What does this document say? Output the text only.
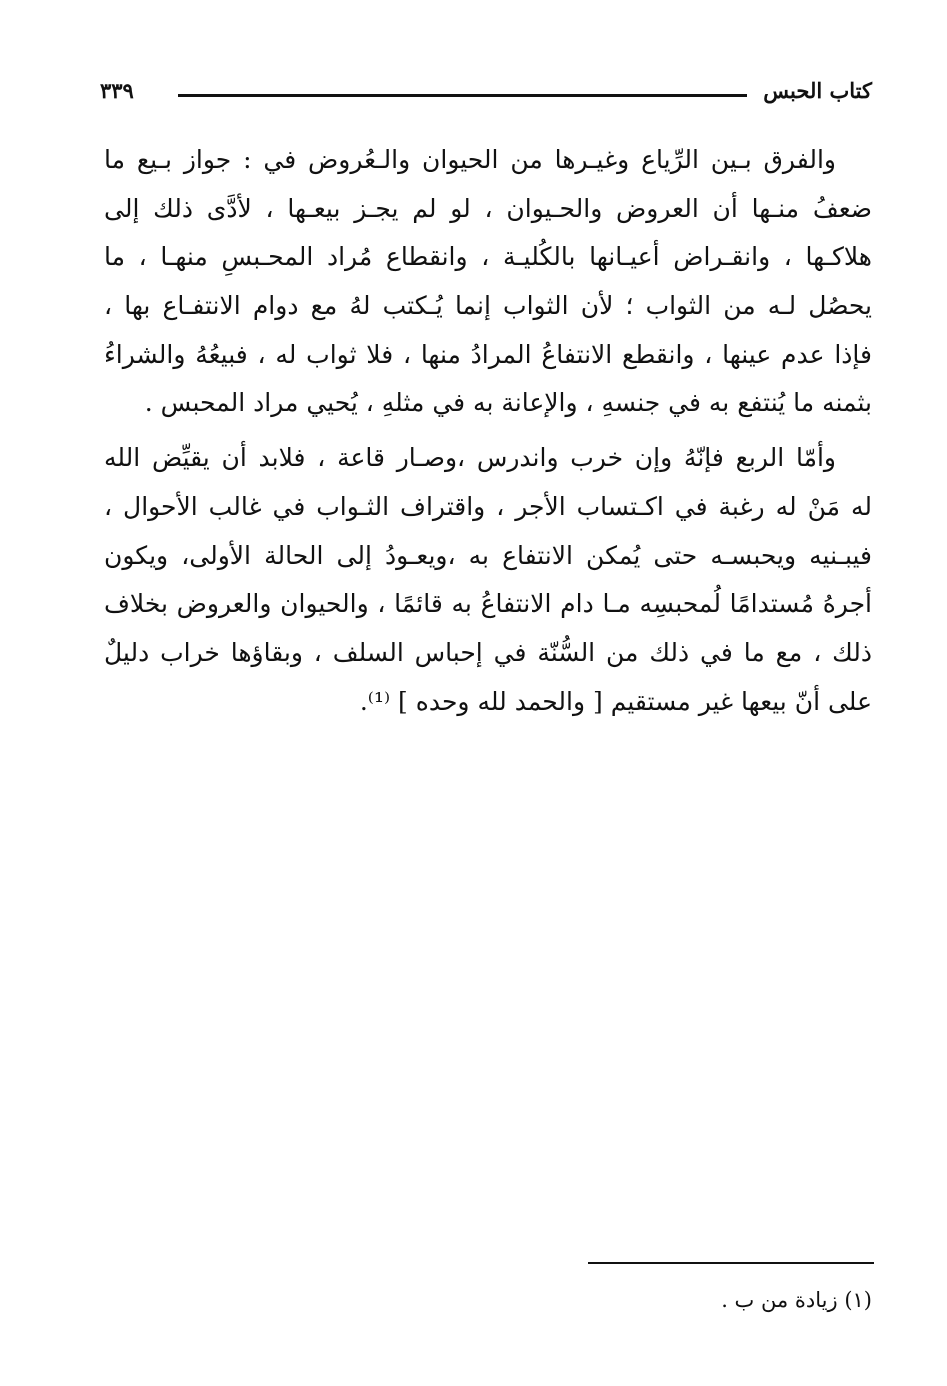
كتاب الحبس
٣٣٩
والفرق بـين الرِّياع وغيـرها من الحيوان والـعُروض في : جواز بـيع ما
ضعفُ منـها أن العروض والحـيوان ، لو لم يجـز بيعـها ، لأدَّى ذلك إلى
هلاكـها ، وانقـراض أعيـانها بالكُليـة ، وانقطاع مُراد المحـبسِ منهـا ، ما
يحصُل لـه من الثواب ؛ لأن الثواب إنما يُـكتب لهُ مع دوام الانتفـاع بها ،
فإذا عدم عينها ، وانقطع الانتفاعُ المرادُ منها ، فلا ثواب له ، فبيعُهُ والشراءُ
بثمنه ما يُنتفع به في جنسهِ ، والإعانة به في مثلهِ ، يُحيي مراد المحبس .
وأمّا الربع فإنّهُ وإن خرب واندرس ،وصـار قاعة ، فلابد أن يقيِّض الله
له مَنْ له رغبة في اكـتساب الأجر ، واقتراف الثـواب في غالب الأحوال ،
فيبـنيه ويحبسـه حتى يُمكن الانتفاع به ،ويعـودُ إلى الحالة الأولى، ويكون
أجرهُ مُستدامًا لُمحبسِه مـا دام الانتفاعُ به قائمًا ، والحيوان والعروض بخلاف
ذلك ، مع ما في ذلك من السُّنّة في إحباس السلف ، وبقاؤها خراب دليلٌ
على أنّ بيعها غير مستقيم [ والحمد لله وحده ] ⁽¹⁾.
(١) زيادة من ب .
